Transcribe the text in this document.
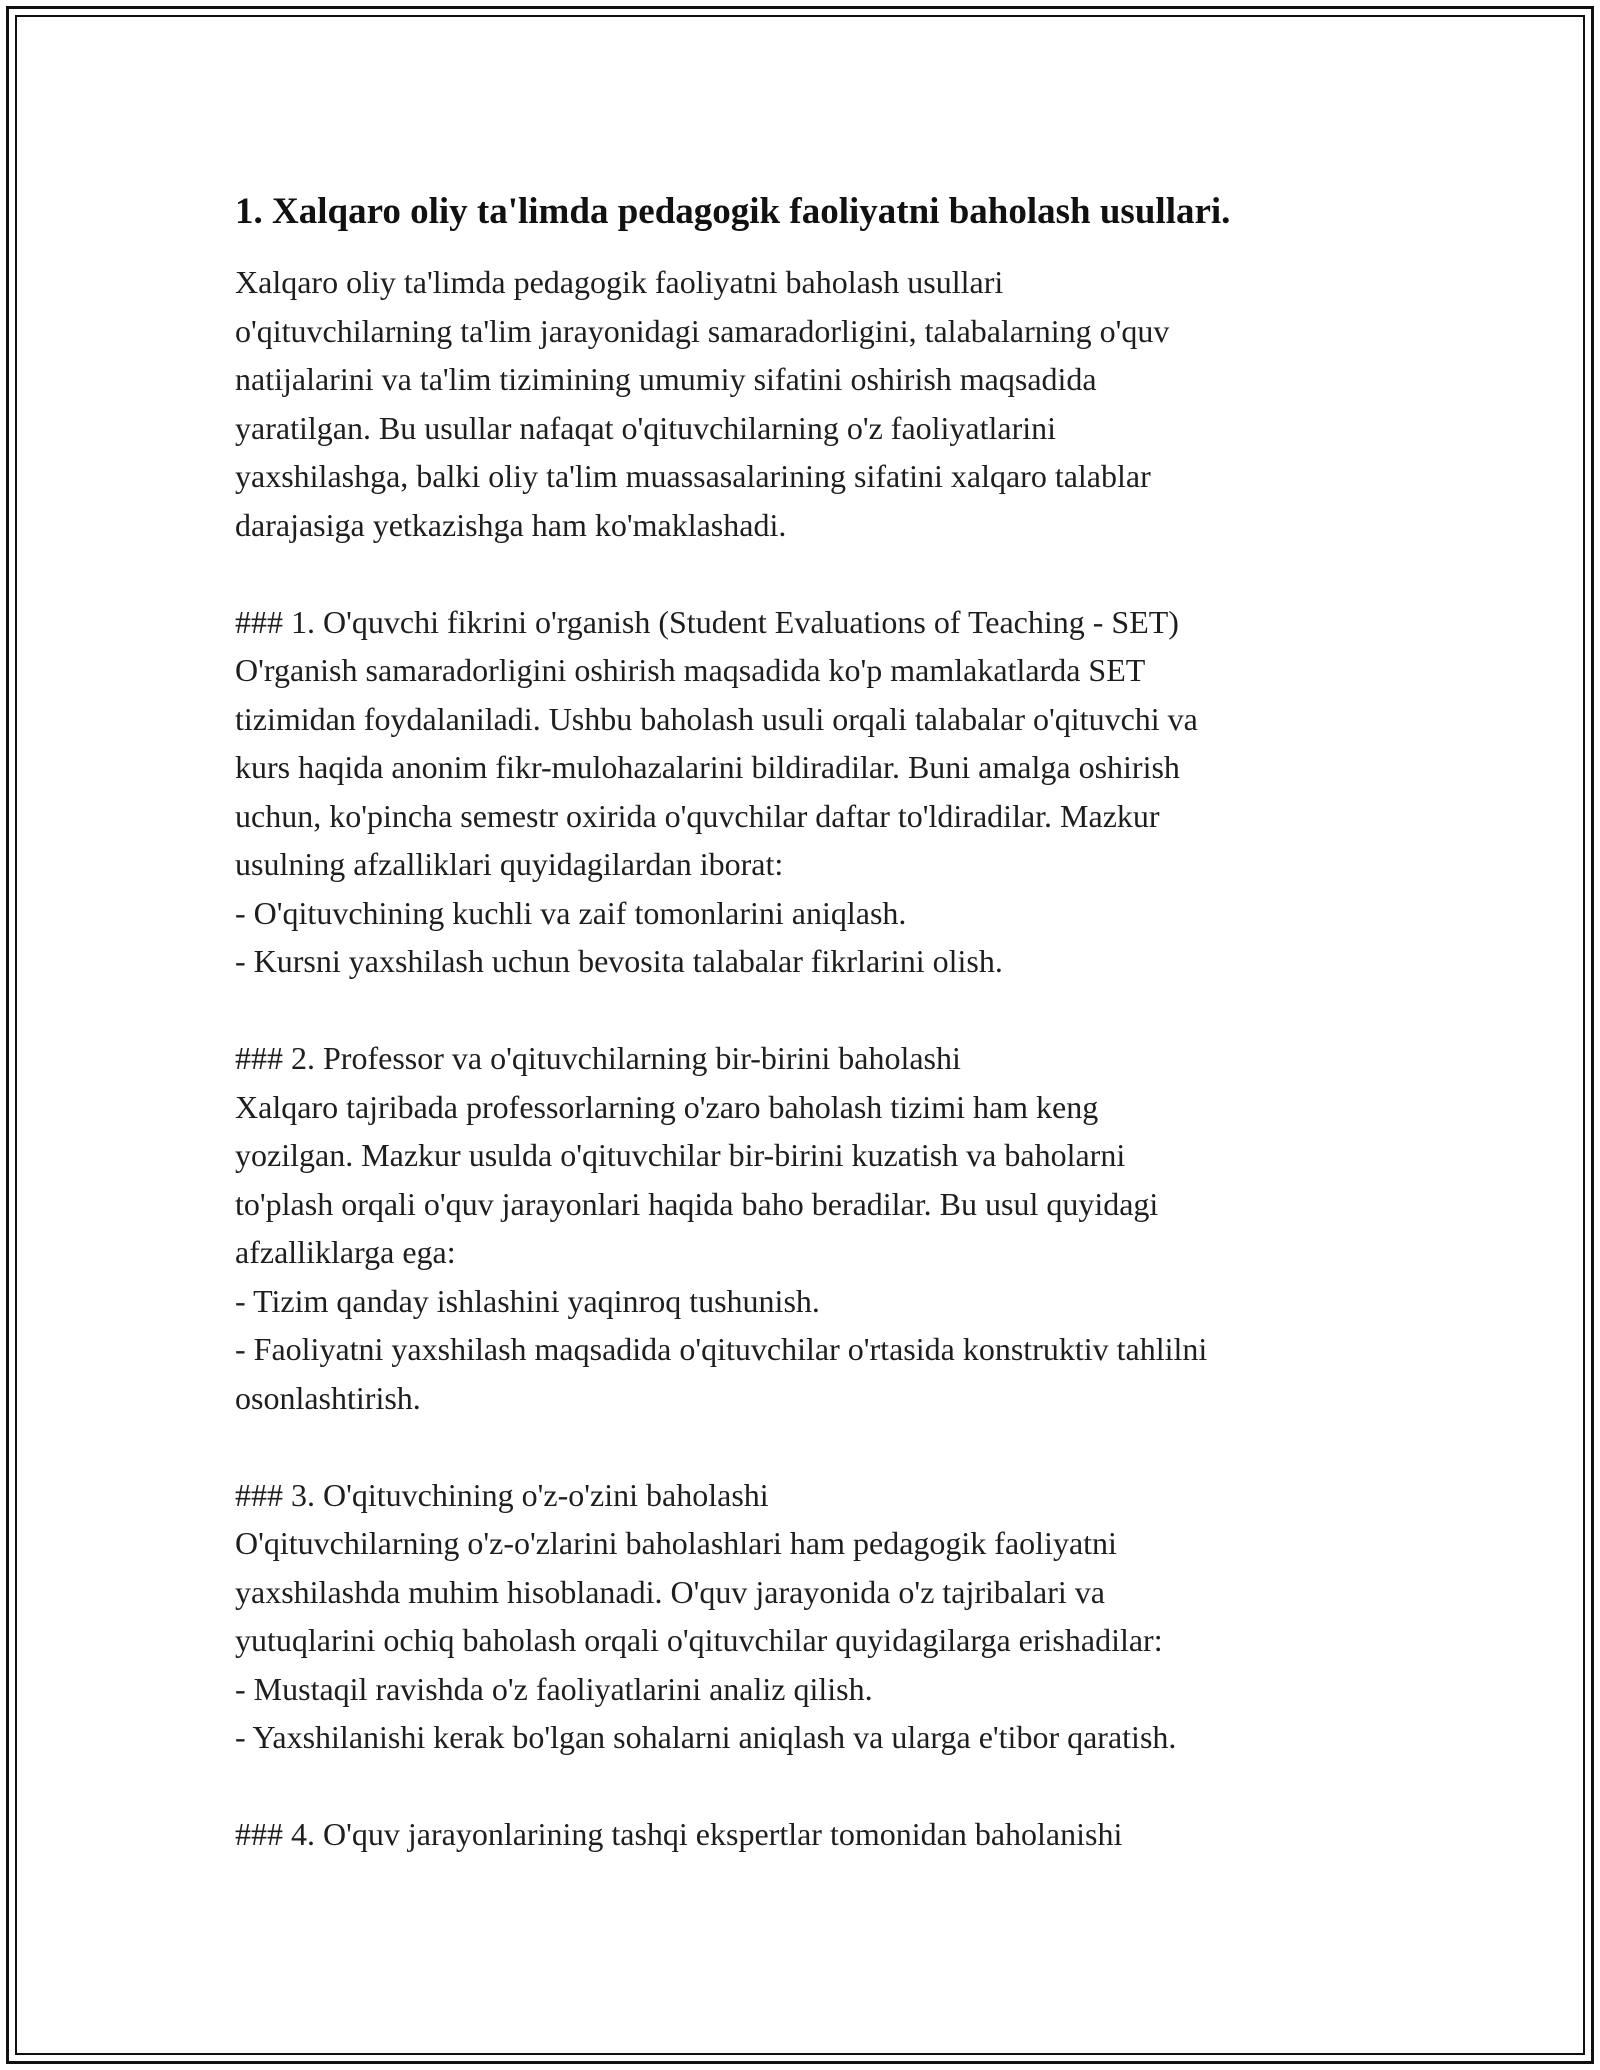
1. Xalqaro oliy ta'limda pedagogik faoliyatni baholash usullari.

Xalqaro oliy ta'limda pedagogik faoliyatni baholash usullari
o'qituvchilarning ta'lim jarayonidagi samaradorligini, talabalarning o'quv
natijalarini va ta'lim tizimining umumiy sifatini oshirish maqsadida
yaratilgan. Bu usullar nafaqat o'qituvchilarning o'z faoliyatlarini
yaxshilashga, balki oliy ta'lim muassasalarining sifatini xalqaro talablar
darajasiga yetkazishga ham ko'maklashadi.

### 1. O'quvchi fikrini o'rganish (Student Evaluations of Teaching - SET)
O'rganish samaradorligini oshirish maqsadida ko'p mamlakatlarda SET
tizimidan foydalaniladi. Ushbu baholash usuli orqali talabalar o'qituvchi va
kurs haqida anonim fikr-mulohazalarini bildiradilar. Buni amalga oshirish
uchun, ko'pincha semestr oxirida o'quvchilar daftar to'ldiradilar. Mazkur
usulning afzalliklari quyidagilardan iborat:
- O'qituvchining kuchli va zaif tomonlarini aniqlash.
- Kursni yaxshilash uchun bevosita talabalar fikrlarini olish.

### 2. Professor va o'qituvchilarning bir-birini baholashi
Xalqaro tajribada professorlarning o'zaro baholash tizimi ham keng
yozilgan. Mazkur usulda o'qituvchilar bir-birini kuzatish va baholarni
to'plash orqali o'quv jarayonlari haqida baho beradilar. Bu usul quyidagi
afzalliklarga ega:
- Tizim qanday ishlashini yaqinroq tushunish.
- Faoliyatni yaxshilash maqsadida o'qituvchilar o'rtasida konstruktiv tahlilni
osonlashtirish.

### 3. O'qituvchining o'z-o'zini baholashi
O'qituvchilarning o'z-o'zlarini baholashlari ham pedagogik faoliyatni
yaxshilashda muhim hisoblanadi. O'quv jarayonida o'z tajribalari va
yutuqlarini ochiq baholash orqali o'qituvchilar quyidagilarga erishadilar:
- Mustaqil ravishda o'z faoliyatlarini analiz qilish.
- Yaxshilanishi kerak bo'lgan sohalarni aniqlash va ularga e'tibor qaratish.

### 4. O'quv jarayonlarining tashqi ekspertlar tomonidan baholanishi
